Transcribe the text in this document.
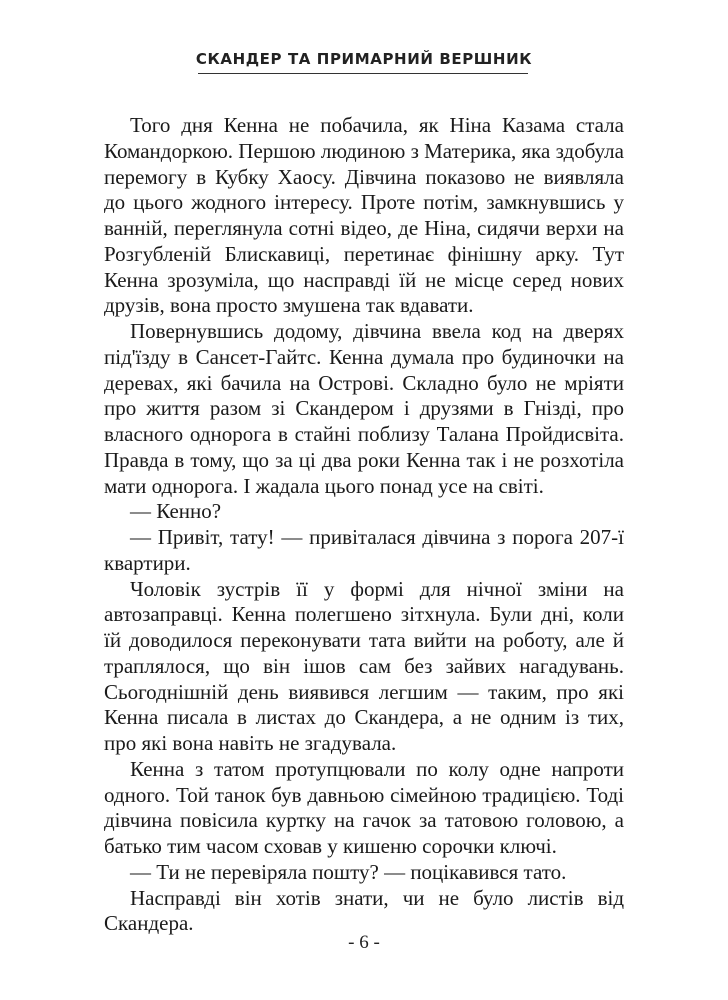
СКАНДЕР ТА ПРИМАРНИЙ ВЕРШНИК

Того дня Кенна не побачила, як Ніна Казама стала Командоркою. Першою людиною з Материка, яка здобула перемогу в Кубку Хаосу. Дівчина показово не виявляла до цього жодного інтересу. Проте потім, замкнувшись у ванній, переглянула сотні відео, де Ніна, сидячи верхи на Розгубленій Блискавиці, перетинає фінішну арку. Тут Кенна зрозуміла, що насправді їй не місце серед нових друзів, вона просто змушена так вдавати.

Повернувшись додому, дівчина ввела код на дверях під'їзду в Сансет-Гайтс. Кенна думала про будиночки на деревах, які бачила на Острові. Складно було не мріяти про життя разом зі Скандером і друзями в Гнізді, про власного однорога в стайні поблизу Талана Пройдисвіта. Правда в тому, що за ці два роки Кенна так і не розхотіла мати однорога. І жадала цього понад усе на світі.

— Кенно?

— Привіт, тату! — привіталася дівчина з порога 207-ї квартири.

Чоловік зустрів її у формі для нічної зміни на автозаправці. Кенна полегшено зітхнула. Були дні, коли їй доводилося переконувати тата вийти на роботу, але й траплялося, що він ішов сам без зайвих нагадувань. Сьогоднішній день виявився легшим — таким, про які Кенна писала в листах до Скандера, а не одним із тих, про які вона навіть не згадувала.

Кенна з татом протупцювали по колу одне напроти одного. Той танок був давньою сімейною традицією. Тоді дівчина повісила куртку на гачок за татовою головою, а батько тим часом сховав у кишеню сорочки ключі.

— Ти не перевіряла пошту? — поцікавився тато.

Насправді він хотів знати, чи не було листів від Скандера.

- 6 -
